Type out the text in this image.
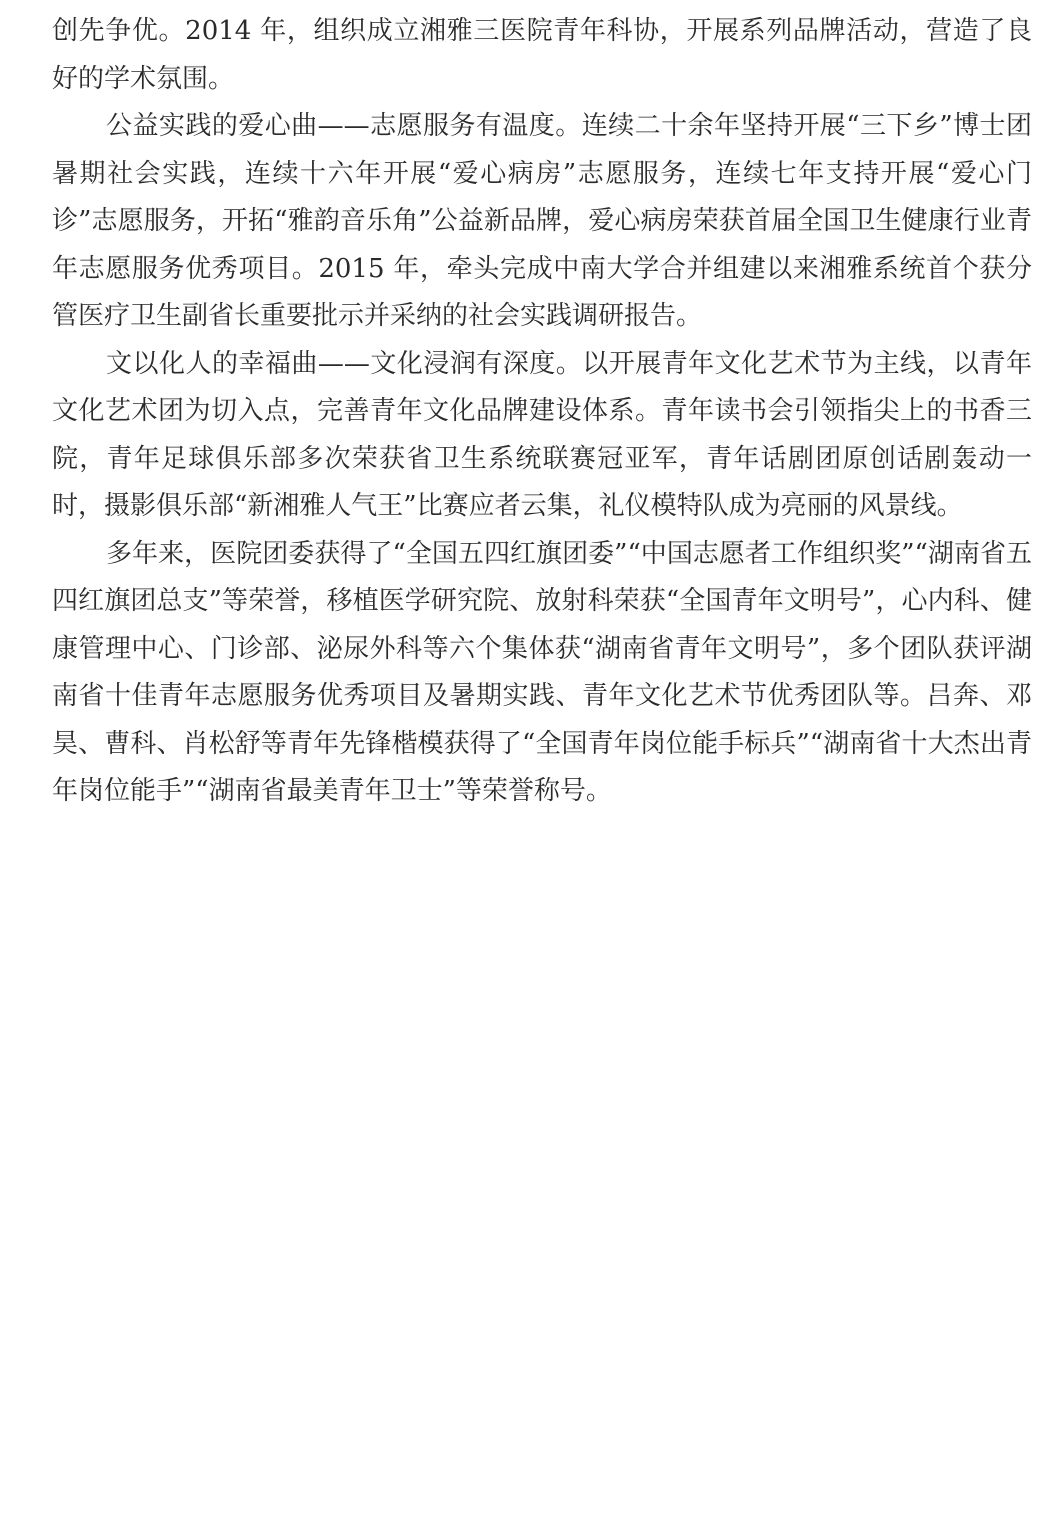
创先争优。2014 年，组织成立湘雅三医院青年科协，开展系列品牌活动，营造了良好的学术氛围。

公益实践的爱心曲——志愿服务有温度。连续二十余年坚持开展“三下乡”博士团暑期社会实践，连续十六年开展“爱心病房”志愿服务，连续七年支持开展“爱心门诊”志愿服务，开拓“雅韵音乐角”公益新品牌，爱心病房荣获首届全国卫生健康行业青年志愿服务优秀项目。2015 年，牵头完成中南大学合并组建以来湘雅系统首个获分管医疗卫生副省长重要批示并采纳的社会实践调研报告。

文以化人的幸福曲——文化浸润有深度。以开展青年文化艺术节为主线，以青年文化艺术团为切入点，完善青年文化品牌建设体系。青年读书会引领指尖上的书香三院，青年足球俱乐部多次荣获省卫生系统联赛冠亚军，青年话剧团原创话剧轰动一时，摄影俱乐部“新湘雅人气王”比赛应者云集，礼仪模特队成为亮丽的风景线。

多年来，医院团委获得了“全国五四红旗团委”“中国志愿者工作组织奖”“湖南省五四红旗团总支”等荣誉，移植医学研究院、放射科荣获“全国青年文明号”，心内科、健康管理中心、门诊部、泌尿外科等六个集体获“湖南省青年文明号”，多个团队获评湖南省十佳青年志愿服务优秀项目及暑期实践、青年文化艺术节优秀团队等。吕奔、邓昊、曹科、肖松舒等青年先锋楷模获得了“全国青年岗位能手标兵”“湖南省十大杰出青年岗位能手”“湖南省最美青年卫士”等荣誉称号。
